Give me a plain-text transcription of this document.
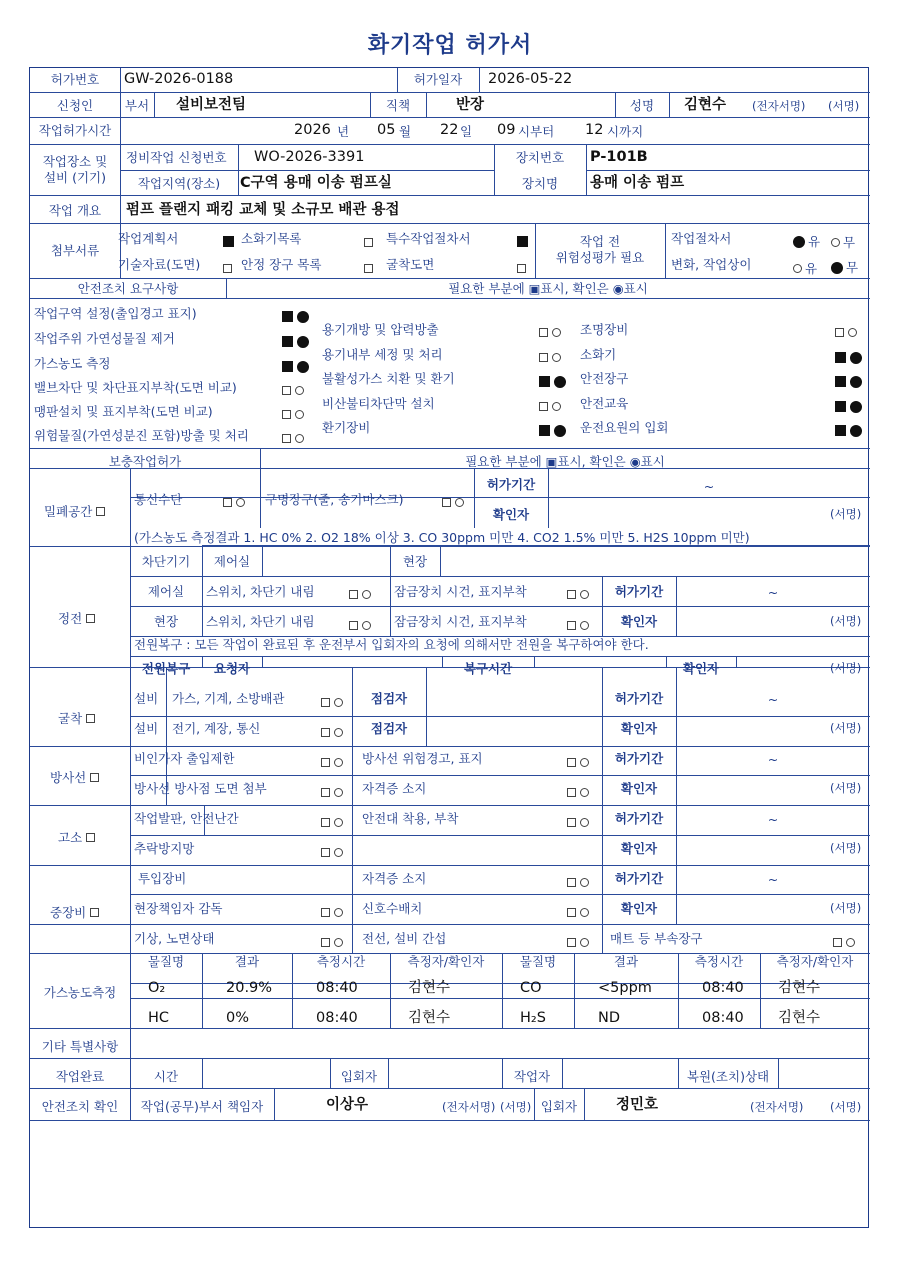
화기작업 허가서
허가번호	GW-2026-0188	허가일자	2026-05-22
신청인	부서	설비보전팀	직책	반장	성명	김현수 (전자서명) (서명)
작업허가시간	2026 년 05 월 22 일 09 시부터 12 시까지
작업장소 및
설비 (기기)
정비작업 신청번호 WO-2026-3391	장치번호	P-101B
작업지역(장소)	C구역 용매 이송 펌프실	장치명	용매 이송 펌프
작업 개요	펌프 플랜지 패킹 교체 및 소규모 배관 용접
첨부서류
작업계획서	소화기목록	특수작업절차서
기술자료(도면)	안정 장구 목록	굴착도면
작업 전
위험성평가 필요
작업절차서	유	무
변화, 작업상이	유	무
안전조치 요구사항	필요한 부분에 ▣표시, 확인은 ◉표시
작업구역 설정(출입경고 표지)
작업주위 가연성물질 제거
가스농도 측정
밸브차단 및 차단표지부착(도면 비교)
맹판설치 및 표지부착(도면 비교)
위험물질(가연성분진 포함)방출 및 처리
용기개방 및 압력방출
용기내부 세정 및 처리
불활성가스 치환 및 환기
비산불티차단막 설치
환기장비
조명장비
소화기
안전장구
안전교육
운전요원의 입회
보충작업허가	필요한 부분에 ▣표시, 확인은 ◉표시
밀폐공간
통신수단	구명장구(줄, 송기마스크)
허가기간	~
확인자	(서명)
(가스농도 측정결과 1. HC 0% 2. O2 18% 이상 3. CO 30ppm 미만 4. CO2 1.5% 미만 5. H2S 10ppm 미만)
정전
차단기기	제어실	현장
제어실	스위치, 차단기 내림	잠금장치 시건, 표지부착	허가기간	~
현장	스위치, 차단기 내림	잠금장치 시건, 표지부착	확인자	(서명)
전원복구 : 모든 작업이 완료된 후 운전부서 입회자의 요청에 의해서만 전원을 복구하여야 한다.
전원복구	요청자	복구시간	확인자	(서명)
굴착
설비 가스, 기계, 소방배관	점검자	허가기간	~
설비 전기, 계장, 통신	점검자	확인자	(서명)
방사선
비인가자 출입제한	방사선 위험경고, 표지	허가기간	~
방사선 방사점 도면 첨부	자격증 소지	확인자	(서명)
고소
작업발판, 안전난간	안전대 착용, 부착	허가기간	~
추락방지망	확인자	(서명)
중장비
투입장비	자격증 소지	허가기간	~
현장책임자 감독	신호수배치	확인자	(서명)
기상, 노면상태	전선, 설비 간섭	매트 등 부속장구
가스농도측정
물질명	결과	측정시간	측정자/확인자	물질명	결과	측정시간	측정자/확인자
O₂	20.9%	08:40	김현수	CO	<5ppm	08:40 김현수
HC	0%	08:40	김현수	H₂S	ND	08:40 김현수
기타 특별사항
작업완료	시간	입회자	작업자	복원(조치)상태
안전조치 확인	작업(공무)부서 책임자	이상우	(전자서명) (서명) 입회자	정민호	(전자서명) (서명)
